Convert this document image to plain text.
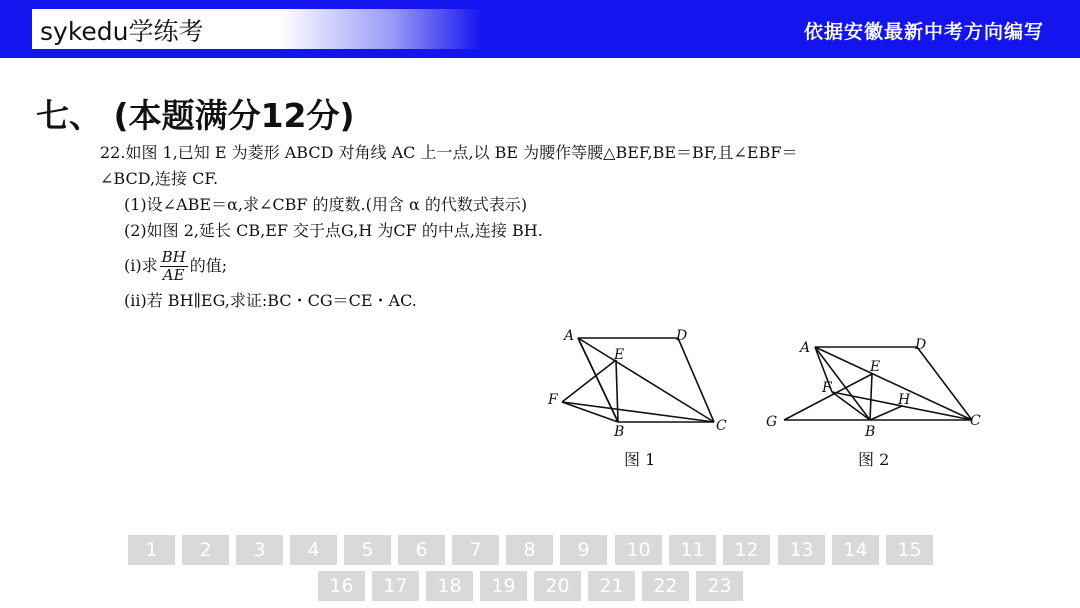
sykedu学练考	依据安徽最新中考方向编写
七、 (本题满分12分)
22.如图 1,已知 E 为菱形 ABCD 对角线 AC 上一点,以 BE 为腰作等腰△BEF,BE＝BF,且∠EBF＝
∠BCD,连接 CF.
(1)设∠ABE＝α,求∠CBF 的度数.(用含 α 的代数式表示)
(2)如图 2,延长 CB,EF 交于点G,H 为CF 的中点,连接 BH.
(ⅰ)求 $\frac{BH}{AE}$ 的值;
(ⅱ)若 BH∥EG,求证:BC・CG＝CE・AC.
A	D
E
F
B	C
图 1
A	D
E
F
H
G
B
C
图 2
1	2	3	4	5	6	7	8	9	10	11	12	13	14	15
16	17	18	19	20	21	22	23
